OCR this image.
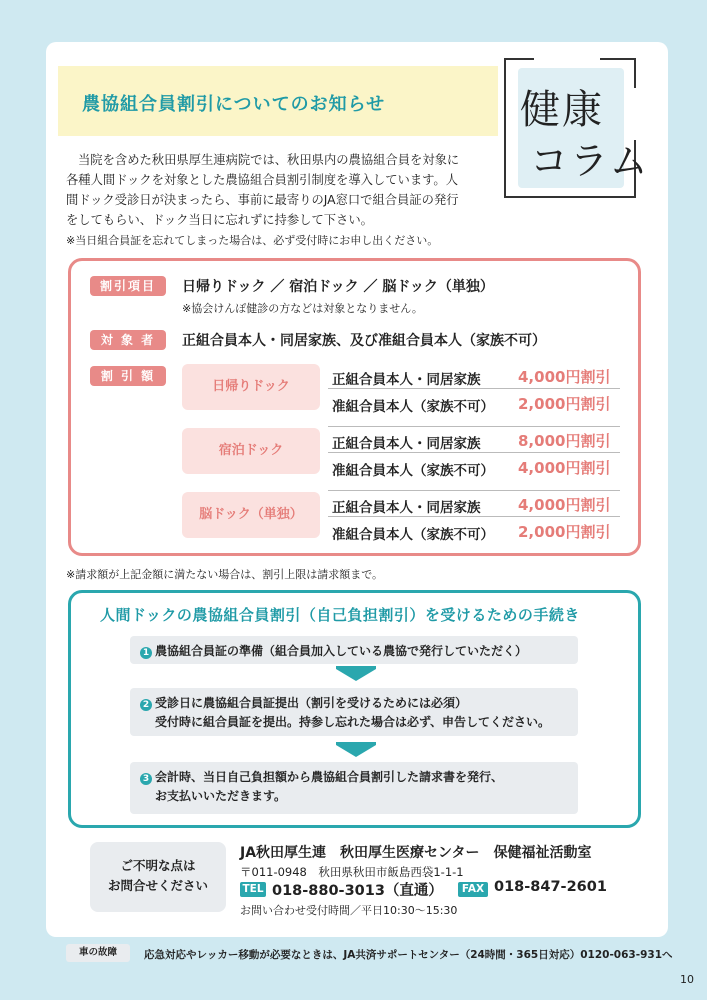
農協組合員割引についてのお知らせ	健康
コラム
当院を含めた秋田県厚生連病院では、秋田県内の農協組合員を対象に
各種人間ドックを対象とした農協組合員割引制度を導入しています。人
間ドック受診日が決まったら、事前に最寄りのJA窓口で組合員証の発行
をしてもらい、ドック当日に忘れずに持参して下さい。
※当日組合員証を忘れてしまった場合は、必ず受付時にお申し出ください。
割引項目	日帰りドック ／ 宿泊ドック ／ 脳ドック（単独）
※協会けんぽ健診の方などは対象となりません。
対 象 者	正組合員本人・同居家族、及び准組合員本人（家族不可）
割 引 額
日帰りドック	正組合員本人・同居家族	4,000円割引
准組合員本人（家族不可） 2,000円割引
宿泊ドック	正組合員本人・同居家族	8,000円割引
准組合員本人（家族不可） 4,000円割引
脳ドック（単独）	正組合員本人・同居家族	4,000円割引
准組合員本人（家族不可） 2,000円割引
※請求額が上記金額に満たない場合は、割引上限は請求額まで。
人間ドックの農協組合員割引（自己負担割引）を受けるための手続き
1 農協組合員証の準備（組合員加入している農協で発行していただく）
2 受診日に農協組合員証提出（割引を受けるためには必須）
受付時に組合員証を提出。持参し忘れた場合は必ず、申告してください。
3 会計時、当日自己負担額から農協組合員割引した請求書を発行、
お支払いいただきます。
ご不明な点は
お問合せください
JA秋田厚生連　秋田厚生医療センター　保健福祉活動室
〒011-0948　秋田県秋田市飯島西袋1-1-1
TEL 018-880-3013（直通）	FAX 018-847-2601
お問い合わせ受付時間／平日10:30〜15:30
車の故障	応急対応やレッカー移動が必要なときは、JA共済サポートセンター（24時間・365日対応）0120-063-931へ
10
